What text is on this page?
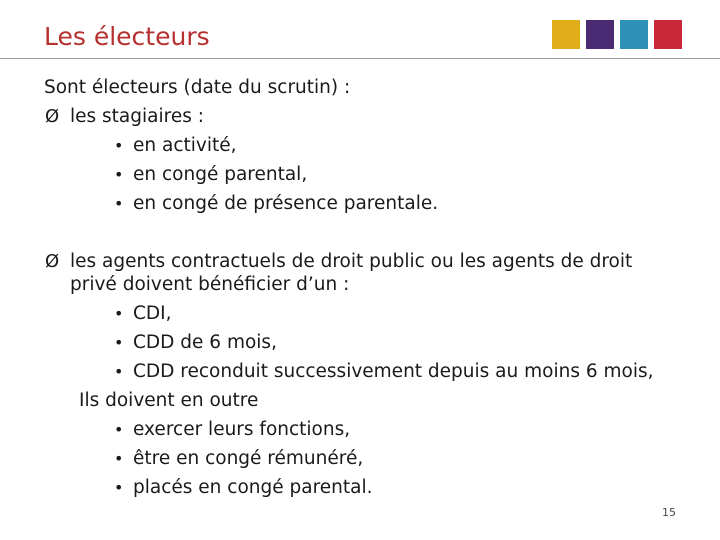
Les électeurs
Sont électeurs (date du scrutin) :
Ø les stagiaires :
• en activité,
• en congé parental,
• en congé de présence parentale.
Ø les agents contractuels de droit public ou les agents de droit
privé doivent bénéficier d’un :
• CDI,
• CDD de 6 mois,
• CDD reconduit successivement depuis au moins 6 mois,
Ils doivent en outre
• exercer leurs fonctions,
• être en congé rémunéré,
• placés en congé parental.
15
